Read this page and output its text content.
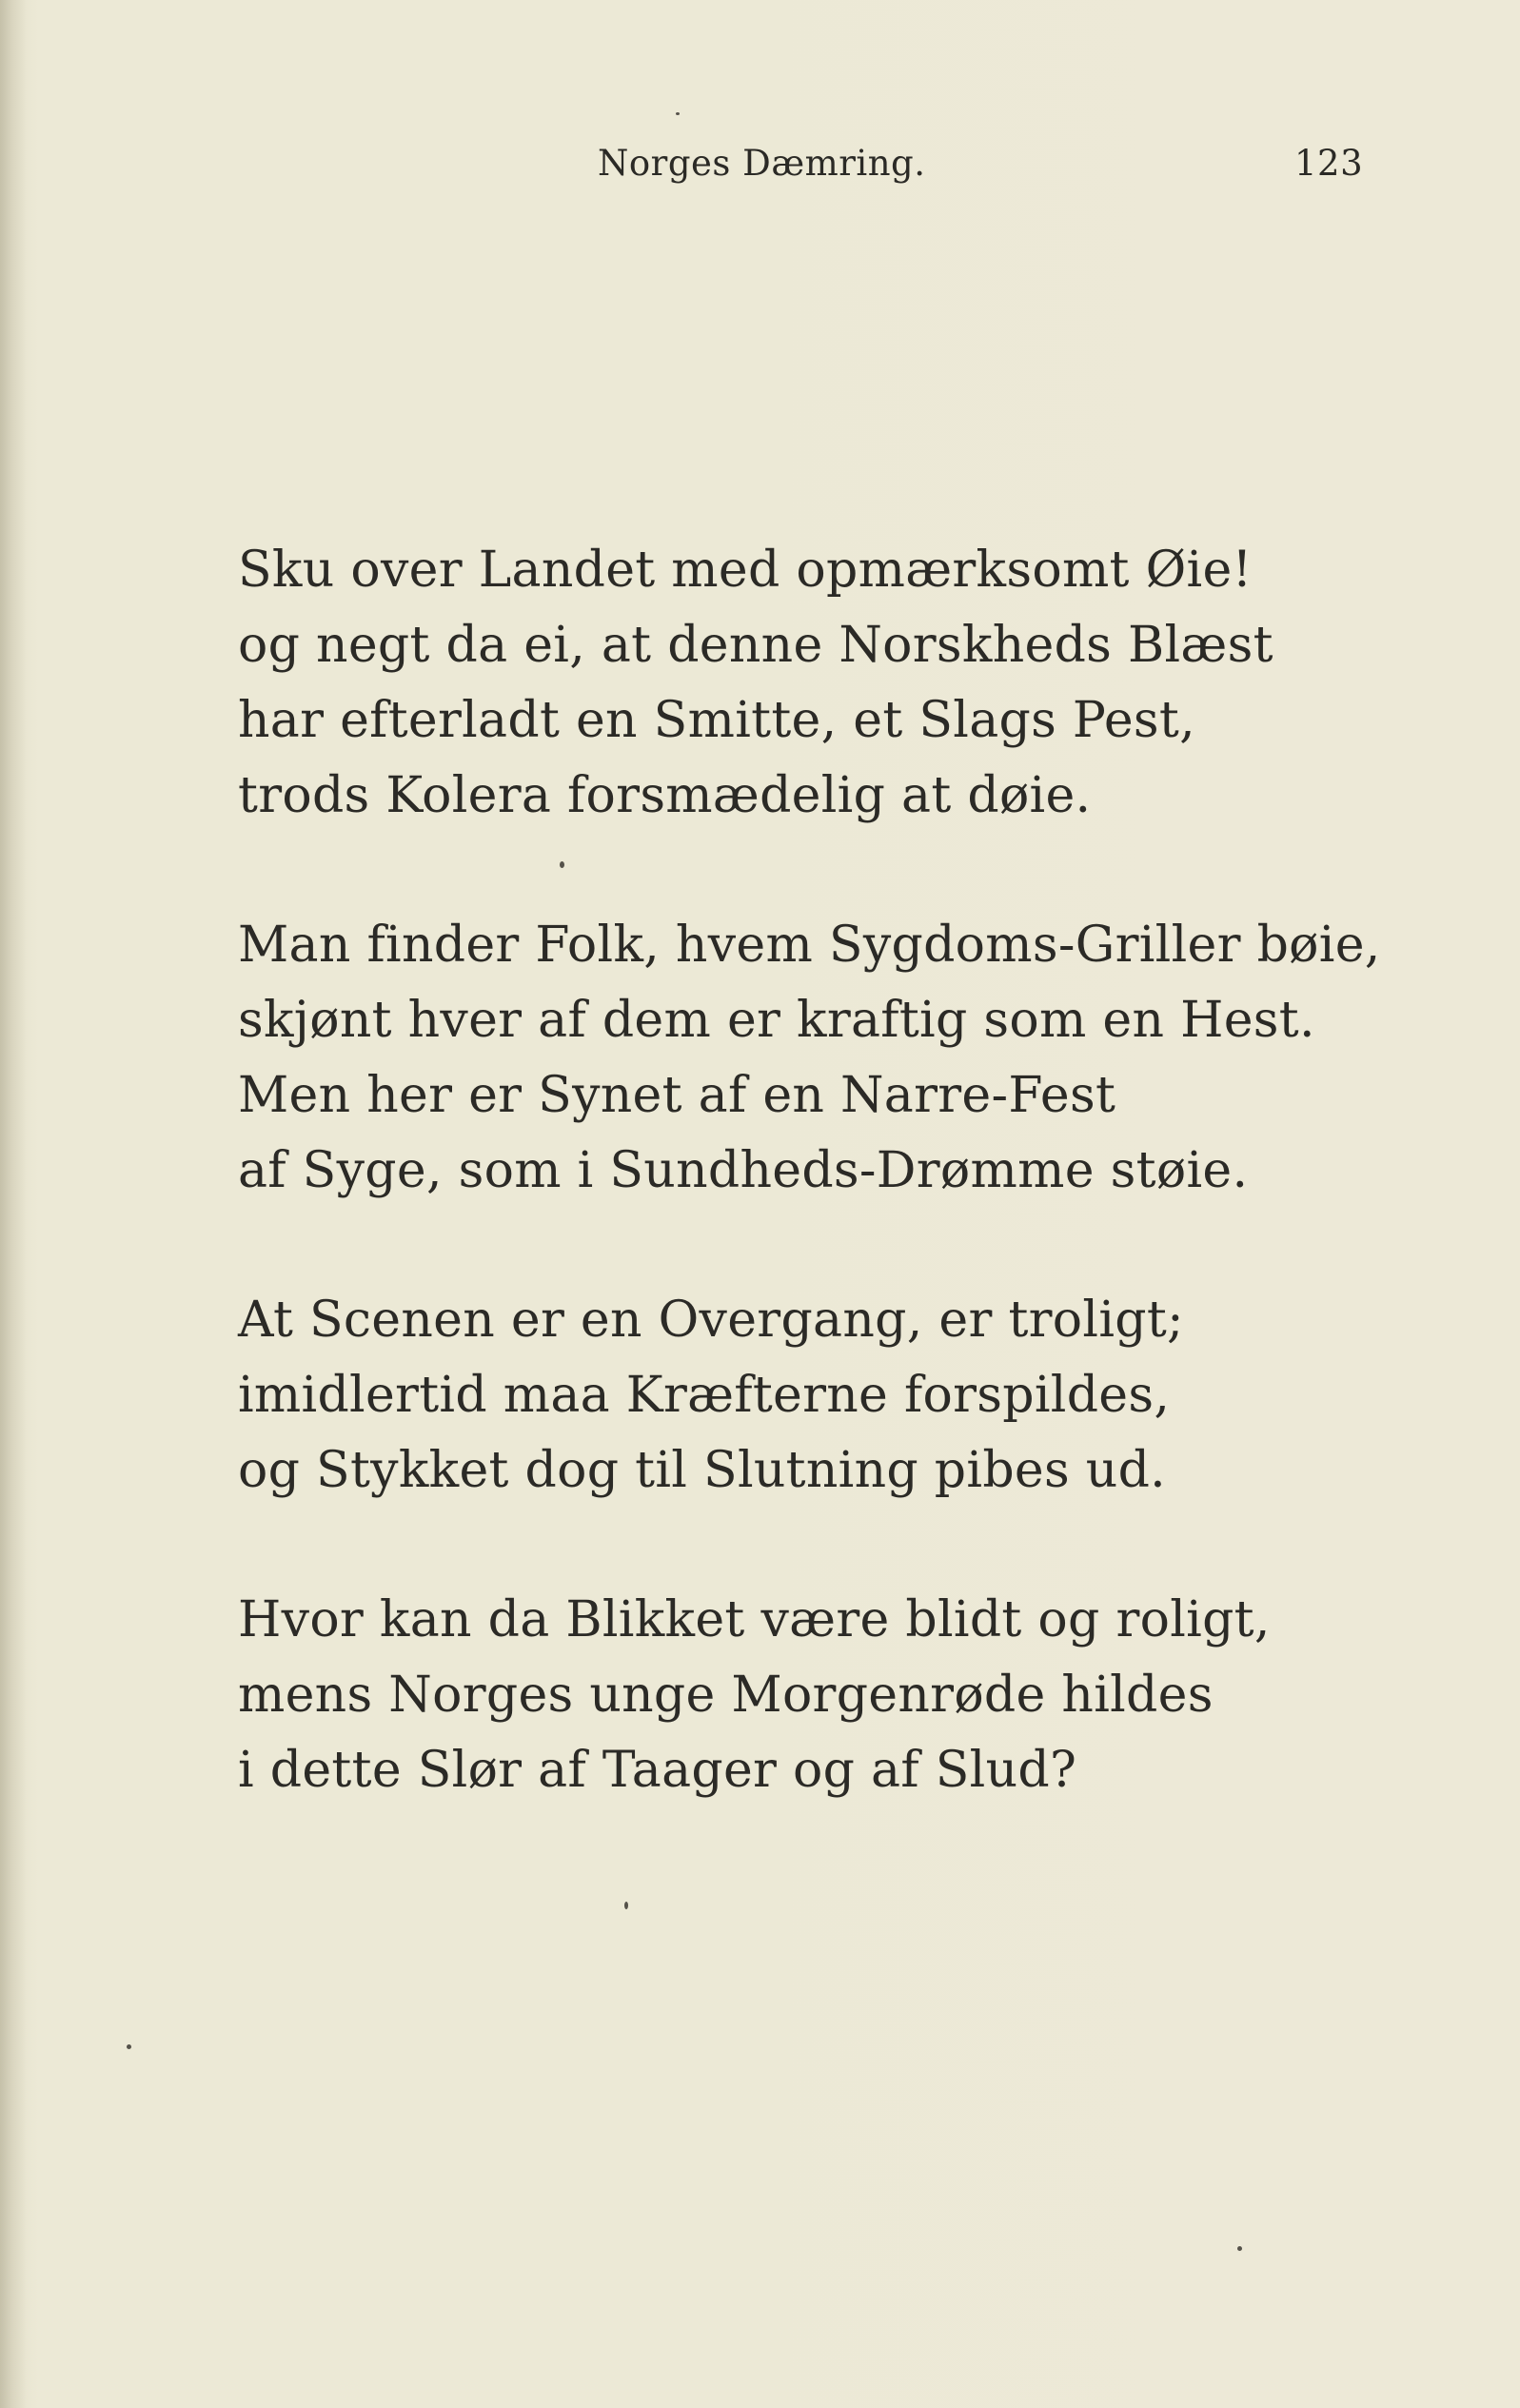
Norges Dæmring.	123
Sku over Landet med opmærksomt Øie!
og negt da ei, at denne Norskheds Blæst
har efterladt en Smitte, et Slags Pest,
trods Kolera forsmædelig at døie.
Man finder Folk, hvem Sygdoms-Griller bøie,
skjønt hver af dem er kraftig som en Hest.
Men her er Synet af en Narre-Fest
af Syge, som i Sundheds-Drømme støie.
At Scenen er en Overgang, er troligt;
imidlertid maa Kræfterne forspildes,
og Stykket dog til Slutning pibes ud.
Hvor kan da Blikket være blidt og roligt,
mens Norges unge Morgenrøde hildes
i dette Slør af Taager og af Slud?
